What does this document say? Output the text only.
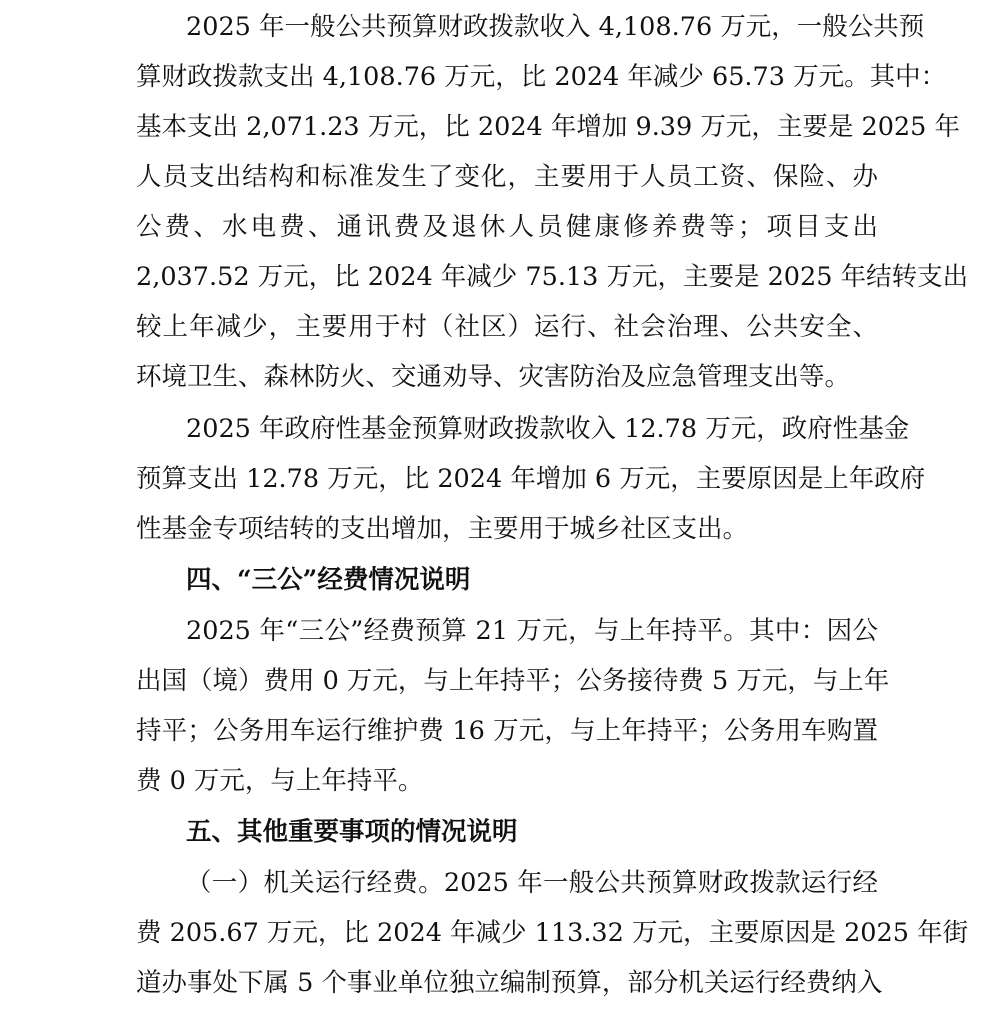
2025 年一般公共预算财政拨款收入 4,108.76 万元，一般公共预
算财政拨款支出 4,108.76 万元，比 2024 年减少 65.73 万元。其中：
基本支出 2,071.23 万元，比 2024 年增加 9.39 万元，主要是 2025 年
人员支出结构和标准发生了变化，主要用于人员工资、保险、办
公费、水电费、通讯费及退休人员健康修养费等；项目支出
2,037.52 万元，比 2024 年减少 75.13 万元，主要是 2025 年结转支出
较上年减少，主要用于村（社区）运行、社会治理、公共安全、
环境卫生、森林防火、交通劝导、灾害防治及应急管理支出等。
2025 年政府性基金预算财政拨款收入 12.78 万元，政府性基金
预算支出 12.78 万元，比 2024 年增加 6 万元，主要原因是上年政府
性基金专项结转的支出增加，主要用于城乡社区支出。
四、“三公”经费情况说明
2025 年“三公”经费预算 21 万元，与上年持平。其中：因公
出国（境）费用 0 万元，与上年持平；公务接待费 5 万元，与上年
持平；公务用车运行维护费 16 万元，与上年持平；公务用车购置
费 0 万元，与上年持平。
五、其他重要事项的情况说明
（一）机关运行经费。2025 年一般公共预算财政拨款运行经
费 205.67 万元，比 2024 年减少 113.32 万元，主要原因是 2025 年街
道办事处下属 5 个事业单位独立编制预算，部分机关运行经费纳入
